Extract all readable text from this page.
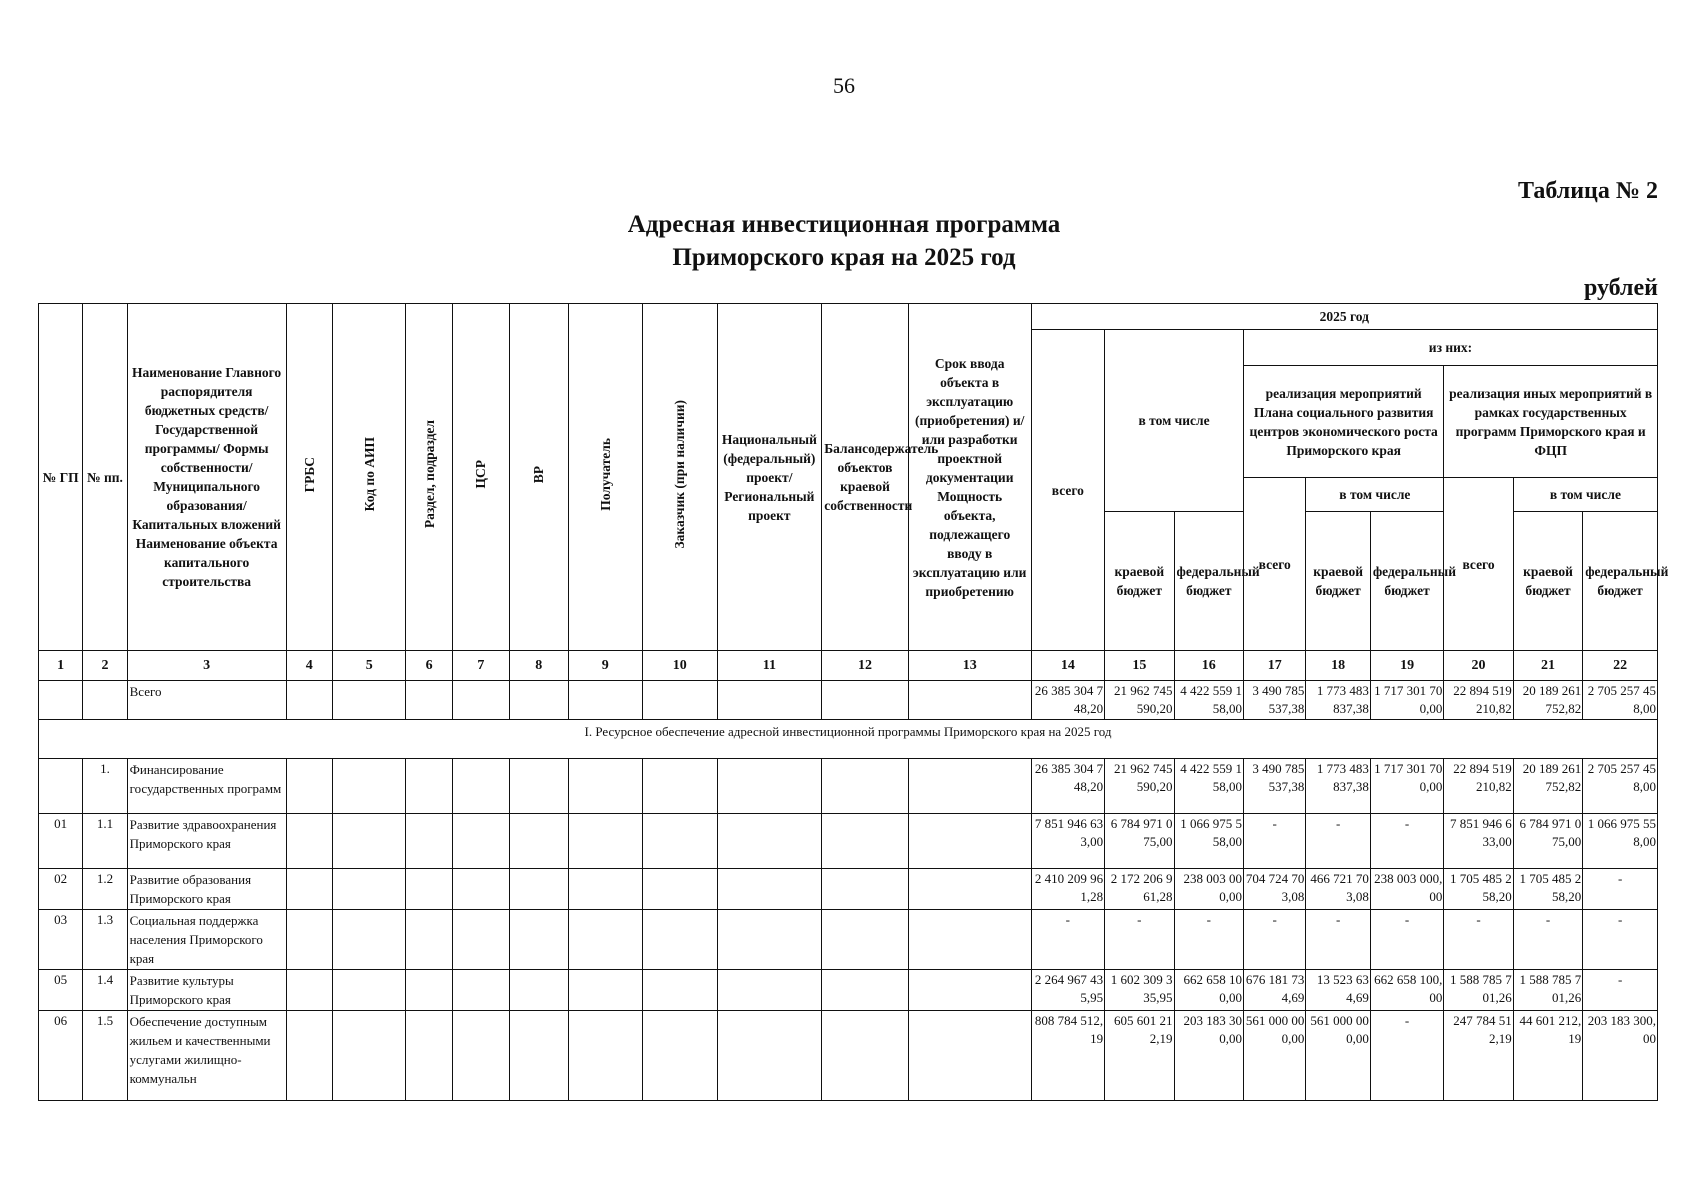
56
Таблица № 2
Адресная инвестиционная программа
Приморского края на 2025 год
рублей
№ ГП	№ пп.	Наименование Главного распорядителя бюджетных средств/Государственной программы/ Формы собственности/Муниципального образования/Капитальных вложений Наименование объекта капитального строительства	ГРБС	Код по АИП	Раздел, подраздел	ЦСР	ВР	Получатель	Заказчик (при наличии)	Национальный (федеральный) проект/ Региональный проект	Балансодержатель объектов краевой собственности	Срок ввода объекта в эксплуатацию (приобретения) и/или разработки проектной документации Мощность объекта, подлежащего вводу в эксплуатацию или приобретению	2025 год								
													всего	в том числе		из них:					
																реализация мероприятий Плана социального развития центров экономического роста Приморского края			реализация иных мероприятий в рамках государственных программ Приморского края и ФЦП		
																всего	в том числе		всего	в том числе	
														краевой бюджет	федеральный бюджет		краевой бюджет	федеральный бюджет		краевой бюджет	федеральный бюджет
1	2	3	4	5	6	7	8	9	10	11	12	13	14	15	16	17	18	19	20	21	22
		Всего											26 385 304 748,20	21 962 745 590,20	4 422 559 158,00	3 490 785 537,38	1 773 483 837,38	1 717 301 700,00	22 894 519 210,82	20 189 261 752,82	2 705 257 458,00
I. Ресурсное обеспечение адресной инвестиционной программы Приморского края на 2025 год																					
	1.	Финансирование государственных программ											26 385 304 748,20	21 962 745 590,20	4 422 559 158,00	3 490 785 537,38	1 773 483 837,38	1 717 301 700,00	22 894 519 210,82	20 189 261 752,82	2 705 257 458,00
01	1.1	Развитие здравоохранения Приморского края											7 851 946 633,00	6 784 971 075,00	1 066 975 558,00	-	-	-	7 851 946 633,00	6 784 971 075,00	1 066 975 558,00
02	1.2	Развитие образования Приморского края											2 410 209 961,28	2 172 206 961,28	238 003 000,00	704 724 703,08	466 721 703,08	238 003 000,00	1 705 485 258,20	1 705 485 258,20	-
03	1.3	Социальная поддержка населения Приморского края											-	-	-	-	-	-	-	-	-
05	1.4	Развитие культуры Приморского края											2 264 967 435,95	1 602 309 335,95	662 658 100,00	676 181 734,69	13 523 634,69	662 658 100,00	1 588 785 701,26	1 588 785 701,26	-
06	1.5	Обеспечение доступным жильем и качественными услугами жилищно-коммунальн											808 784 512,19	605 601 212,19	203 183 300,00	561 000 000,00	561 000 000,00	-	247 784 512,19	44 601 212,19	203 183 300,00
